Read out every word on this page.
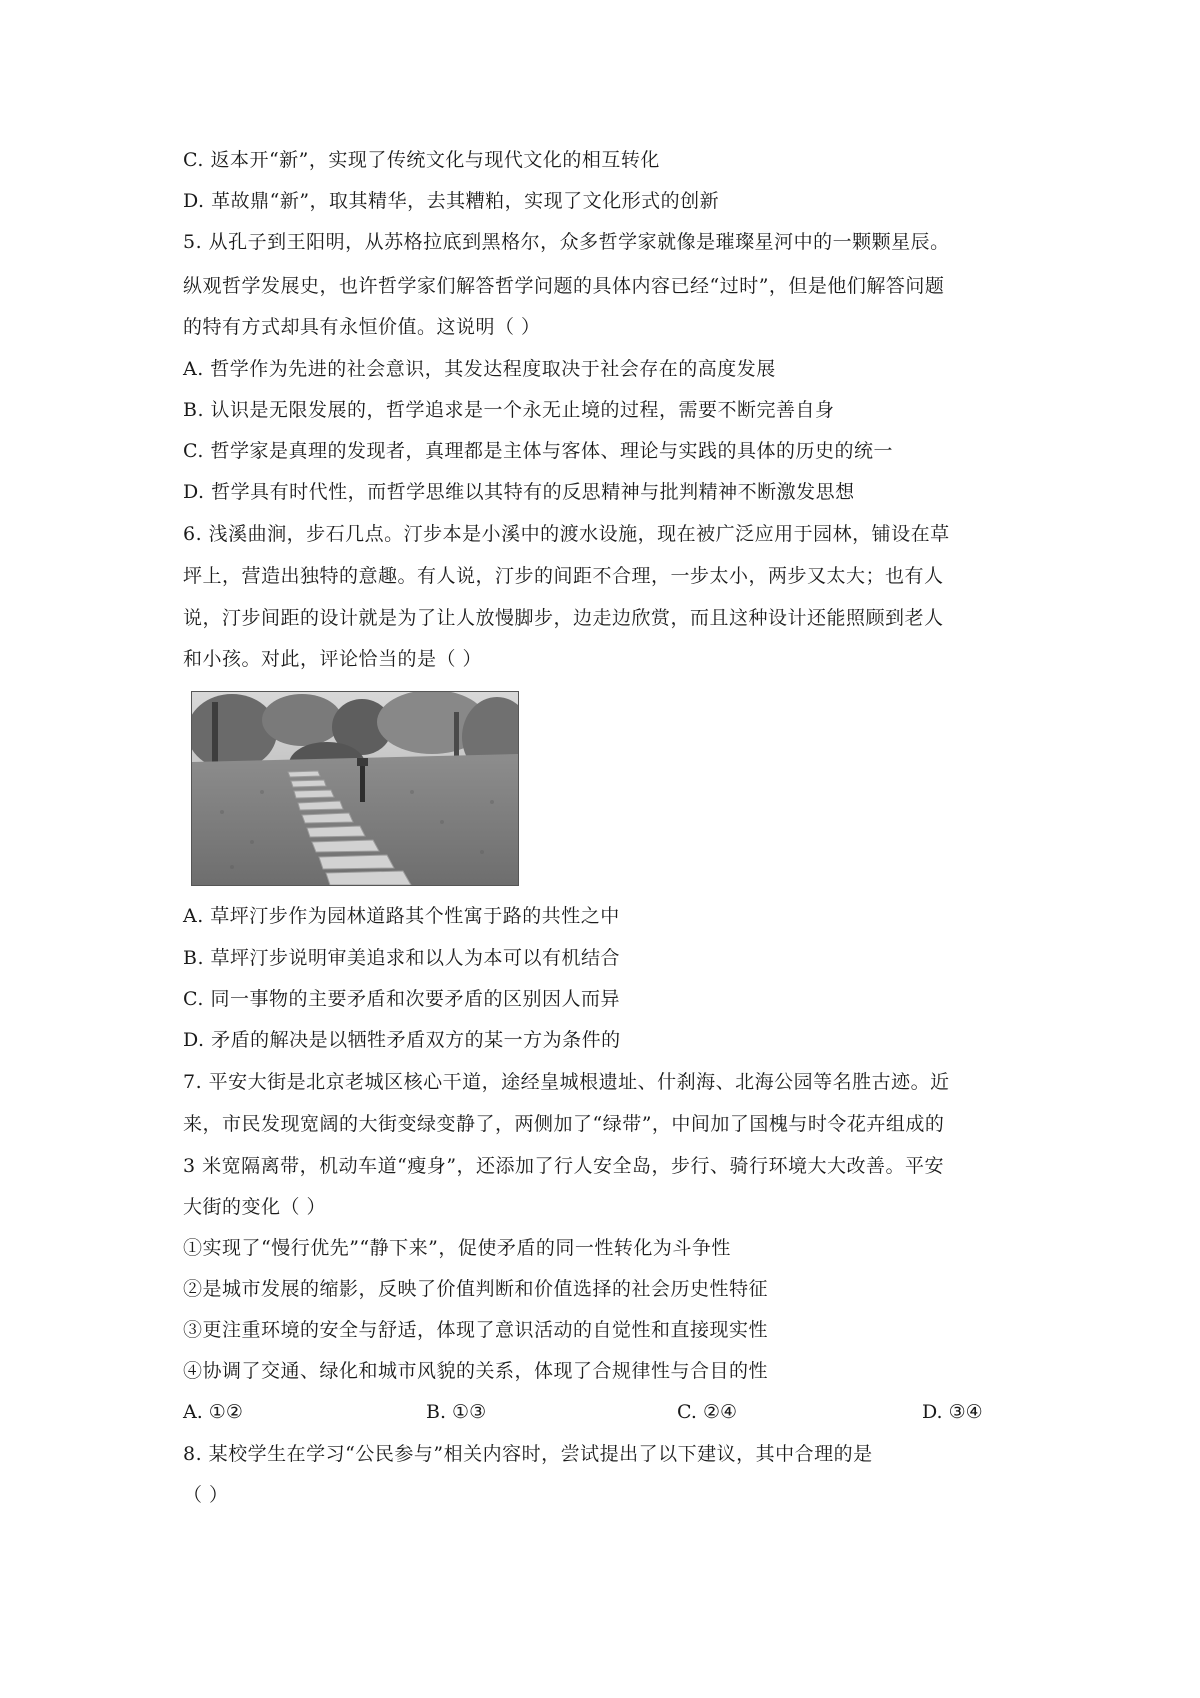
C. 返本开“新”，实现了传统文化与现代文化的相互转化
D. 革故鼎“新”，取其精华，去其糟粕，实现了文化形式的创新
5. 从孔子到王阳明，从苏格拉底到黑格尔，众多哲学家就像是璀璨星河中的一颗颗星辰。
纵观哲学发展史，也许哲学家们解答哲学问题的具体内容已经“过时”，但是他们解答问题
的特有方式却具有永恒价值。这说明（ ）
A. 哲学作为先进的社会意识，其发达程度取决于社会存在的高度发展
B. 认识是无限发展的，哲学追求是一个永无止境的过程，需要不断完善自身
C. 哲学家是真理的发现者，真理都是主体与客体、理论与实践的具体的历史的统一
D. 哲学具有时代性，而哲学思维以其特有的反思精神与批判精神不断激发思想
6. 浅溪曲涧，步石几点。汀步本是小溪中的渡水设施，现在被广泛应用于园林，铺设在草
坪上，营造出独特的意趣。有人说，汀步的间距不合理，一步太小，两步又太大；也有人
说，汀步间距的设计就是为了让人放慢脚步，边走边欣赏，而且这种设计还能照顾到老人
和小孩。对此，评论恰当的是（ ）
A. 草坪汀步作为园林道路其个性寓于路的共性之中
B. 草坪汀步说明审美追求和以人为本可以有机结合
C. 同一事物的主要矛盾和次要矛盾的区别因人而异
D. 矛盾的解决是以牺牲矛盾双方的某一方为条件的
7. 平安大街是北京老城区核心干道，途经皇城根遗址、什刹海、北海公园等名胜古迹。近
来，市民发现宽阔的大街变绿变静了，两侧加了“绿带”，中间加了国槐与时令花卉组成的
3 米宽隔离带，机动车道“瘦身”，还添加了行人安全岛，步行、骑行环境大大改善。平安
大街的变化（ ）
①实现了“慢行优先”“静下来”，促使矛盾的同一性转化为斗争性
②是城市发展的缩影，反映了价值判断和价值选择的社会历史性特征
③更注重环境的安全与舒适，体现了意识活动的自觉性和直接现实性
④协调了交通、绿化和城市风貌的关系，体现了合规律性与合目的性
A. ①②	B. ①③	C. ②④	D. ③④
8. 某校学生在学习“公民参与”相关内容时，尝试提出了以下建议，其中合理的是
（ ）
